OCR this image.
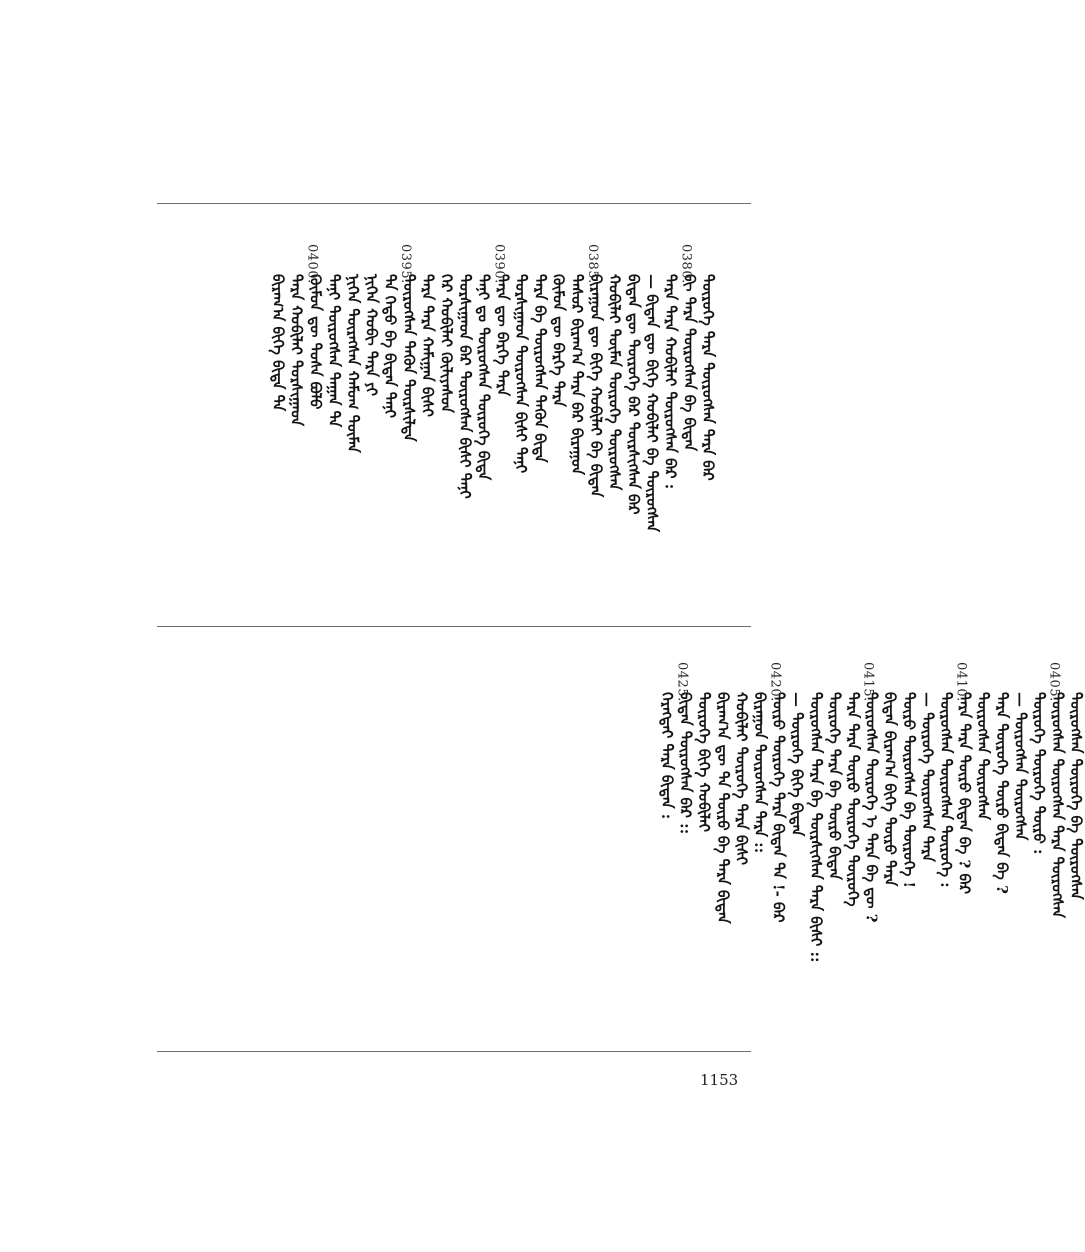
ᠪᠢᠷᠠᠭ᠎ᠠ ᠪᠢᠭᠡ ᠪᠢᠳᠡ ᠲᠡ ᠲᠡᠷᠡ ᠬᠤᠪᠢᠯᠠᠢ ᠲᠤᠷᠰᠢᠭᠠᠳ ᠬᠦᠮᠦᠨ ᠳᠦ ᠲᠤᠰᠠ ᠪᠤᠯᠤ ᠲᠠᠨᠢ ᠲᠦᠷᠦᠭᠰᠡᠨ ᠲᠠᠭᠠᠨ ᠲᠡ ᠨᠢᠭᠡᠨ ᠲᠦᠷᠡᠭᠰᠡᠨ ᠬᠠᠮᠤᠭ ᠲᠦᠮᠡᠨ ᠨᠢᠭᠡᠨ ᠬᠤᠪᠢ ᠲᠡᠷᠡ ᠶᠢ ᠲᠡ ᠬᠡᠳᠦ ᠪᠡ ᠪᠢᠳᠡᠨ ᠲᠠᠨᠢ ᠲᠦᠷᠦᠭᠰᠡᠨ ᠲᠡᠭᠦᠨ ᠲᠦᠷᠰᠢᠯᠲᠡ ᠲᠡᠷᠡ ᠲᠡᠷᠡ ᠬᠠᠮᠢᠭᠠᠨ ᠪᠢᠰᠢ ᠬᠡᠷ ᠬᠤᠪᠢᠯᠠᠢ ᠬᠦᠯᠢᠶᠡᠰᠦᠨ ᠲᠤᠷᠰᠢᠭᠠᠳ ᠪᠡᠷ ᠲᠦᠷᠦᠭᠰᠡᠨ ᠪᠢᠰᠢ ᠲᠠᠨᠢ ᠲᠠᠨᠢ ᠳᠤ ᠲᠦᠷᠦᠭᠰᠡᠨ ᠲᠦᠷᠦᠭᠡ ᠪᠢᠳᠡ ᠲᠡᠷᠡ ᠳᠦ ᠪᠡᠷᠬᠡ ᠲᠡᠷᠡ ᠲᠤᠷᠰᠢᠭᠠᠳ ᠲᠦᠷᠦᠭᠰᠡᠨ ᠪᠢᠰᠢ ᠲᠠᠨᠢ ᠲᠡᠷᠡ ᠪᠡ ᠲᠦᠷᠦᠭᠰᠡᠨ ᠲᠡᠭᠦᠨ ᠪᠢᠳᠡ ᠬᠦᠮᠦᠨ ᠳᠦ ᠪᠡᠷᠬᠡ ᠲᠡᠷᠡ ᠲᠠᠰᠤᠷ ᠪᠢᠷᠠᠭ᠎ᠠ ᠲᠡᠷᠡ ᠪᠡᠷ ᠪᠢᠷᠠᠭᠤᠨ ᠪᠢᠷᠠᠭᠤᠨ ᠳᠦ ᠪᠢᠭᠡ ᠬᠤᠪᠢᠯᠠᠢ ᠪᠡ ᠪᠢᠳᠡᠨ ᠬᠤᠪᠢᠯᠠᠢ ᠲᠦᠮᠡᠨ ᠲᠦᠷᠦᠭᠡ ᠲᠦᠷᠦᠭᠰᠡᠨ ᠪᠢᠳᠡᠨ ᠳᠦ ᠲᠦᠷᠦᠭᠡ ᠪᠡᠷ ᠲᠦᠷᠰᠢᠭᠰᠡᠨ ᠪᠡᠷ — ᠪᠢᠳᠡᠨ ᠳᠦ ᠪᠢᠭᠡ ᠬᠤᠪᠢᠯᠠᠢ ᠪᠡ ᠲᠦᠷᠦᠭᠰᠡᠨ ᠲᠡᠷᠡ ᠲᠡᠷᠡ ᠬᠤᠪᠢᠯᠠᠢ ᠲᠦᠷᠦᠭᠰᠡᠨ ᠪᠡᠷ : ᠪᠢ ᠲᠡᠷᠡ ᠲᠦᠷᠦᠭᠰᠡᠨ ᠪᠡ ᠪᠢᠳᠡᠨ ᠲᠦᠷᠦᠭᠡ ᠲᠡᠷᠡ ᠲᠦᠷᠦᠭᠰᠡᠨ ᠲᠡᠷᠡ ᠪᠡᠷ
0400.	0395.	0390.	0385.	0380.
ᠬᠡᠷᠡᠭᠲᠡᠢ ᠲᠡᠷᠡ ᠪᠢᠳᠡᠨ : ᠪᠢᠳᠡᠨ ᠲᠦᠷᠦᠭᠰᠡᠨ ᠪᠡᠷ :: ᠲᠦᠷᠦᠭᠡ ᠪᠢᠭᠡ ᠬᠤᠪᠢᠯᠠᠢ ᠪᠢᠷᠠᠭ᠎ᠠ ᠳᠦ ᠲᠡ ᠲᠦᠷᠦ ᠪᠡ ᠲᠡᠷᠡ ᠪᠢᠳᠡᠨ ᠬᠤᠪᠢᠯᠠᠢ ᠲᠦᠷᠦᠭᠡ ᠲᠡᠷᠡ ᠪᠢᠰᠢ ᠪᠢᠷᠠᠭᠤᠨ ᠲᠦᠷᠦᠭᠰᠡᠨ ᠲᠡᠷᠡ :: ᠲᠦᠷᠦ ᠲᠦᠷᠦᠭᠡ ᠲᠡᠷᠡ ᠪᠢᠳᠡᠨ ᠲᠡ !- ᠪᠡᠷ — ᠲᠦᠷᠦᠭᠡ ᠪᠢᠭᠡ ᠪᠢᠳᠡᠨ ᠲᠦᠷᠦᠭᠰᠡᠨ ᠲᠡᠷᠡ ᠪᠡ ᠲᠦᠷᠰᠢᠭᠰᠡᠨ ᠲᠡᠷᠡ ᠪᠢᠰᠢ :: ᠲᠦᠷᠦᠭᠡ ᠲᠡᠷᠡ ᠪᠡ ᠲᠦᠷᠦ ᠪᠢᠳᠡᠨ ᠲᠡᠷᠡ ᠲᠡᠷᠡ ᠲᠦᠷᠦ ᠲᠦᠷᠦᠭᠡ ᠲᠦᠷᠦᠭᠡ ᠲᠦᠷᠦᠭᠰᠡᠨ ᠲᠦᠷᠦᠭᠡ ᠡ ᠲᠡᠷᠡ ᠪᠡ ᠳᠦ ? ᠪᠢᠳᠡᠨ ᠪᠢᠷᠠᠭ᠎ᠠ ᠪᠢᠭᠡ ᠲᠦᠷᠦ ᠲᠡᠷᠡ ᠲᠦᠷᠦ ᠲᠦᠷᠦᠭᠰᠡᠨ ᠪᠡ ᠲᠦᠷᠦᠭᠡ ! — ᠲᠦᠷᠦᠭᠡ ᠲᠦᠷᠦᠭᠰᠡᠨ ᠲᠡᠷᠡ ᠲᠦᠷᠦᠭᠰᠡᠨ ᠲᠦᠷᠦᠭᠰᠡᠨ ᠲᠦᠷᠦᠭᠡ : ᠲᠡᠷᠡ ᠲᠡᠷᠡ ᠲᠦᠷᠦ ᠪᠢᠳᠡᠨ ᠪᠡ ? ᠪᠡᠷ ᠲᠦᠷᠦᠭᠰᠡᠨ ᠲᠦᠷᠦᠭᠰᠡᠨ ᠲᠡᠷᠡ ᠲᠦᠷᠦᠭᠡ ᠲᠦᠷᠦ ᠪᠢᠳᠡᠨ ᠪᠡ ? — ᠲᠦᠷᠦᠭᠰᠡᠨ ᠲᠦᠷᠦᠭᠰᠡᠨ ᠲᠦᠷᠦᠭᠡ ᠲᠦᠷᠦᠭᠡ ᠲᠦᠷᠦ : ᠲᠦᠷᠦᠭᠰᠡᠨ ᠲᠦᠷᠦᠭᠰᠡᠨ ᠲᠡᠷᠡ ᠲᠦᠷᠦᠭᠰᠡᠨ ᠲᠦᠷᠦᠭᠰᠡᠨ ᠲᠦᠷᠦᠭᠡ ᠪᠡ ᠲᠦᠷᠦᠭᠰᠡᠨ
0425.	0420.	0415.	0410.	0405.
1153
